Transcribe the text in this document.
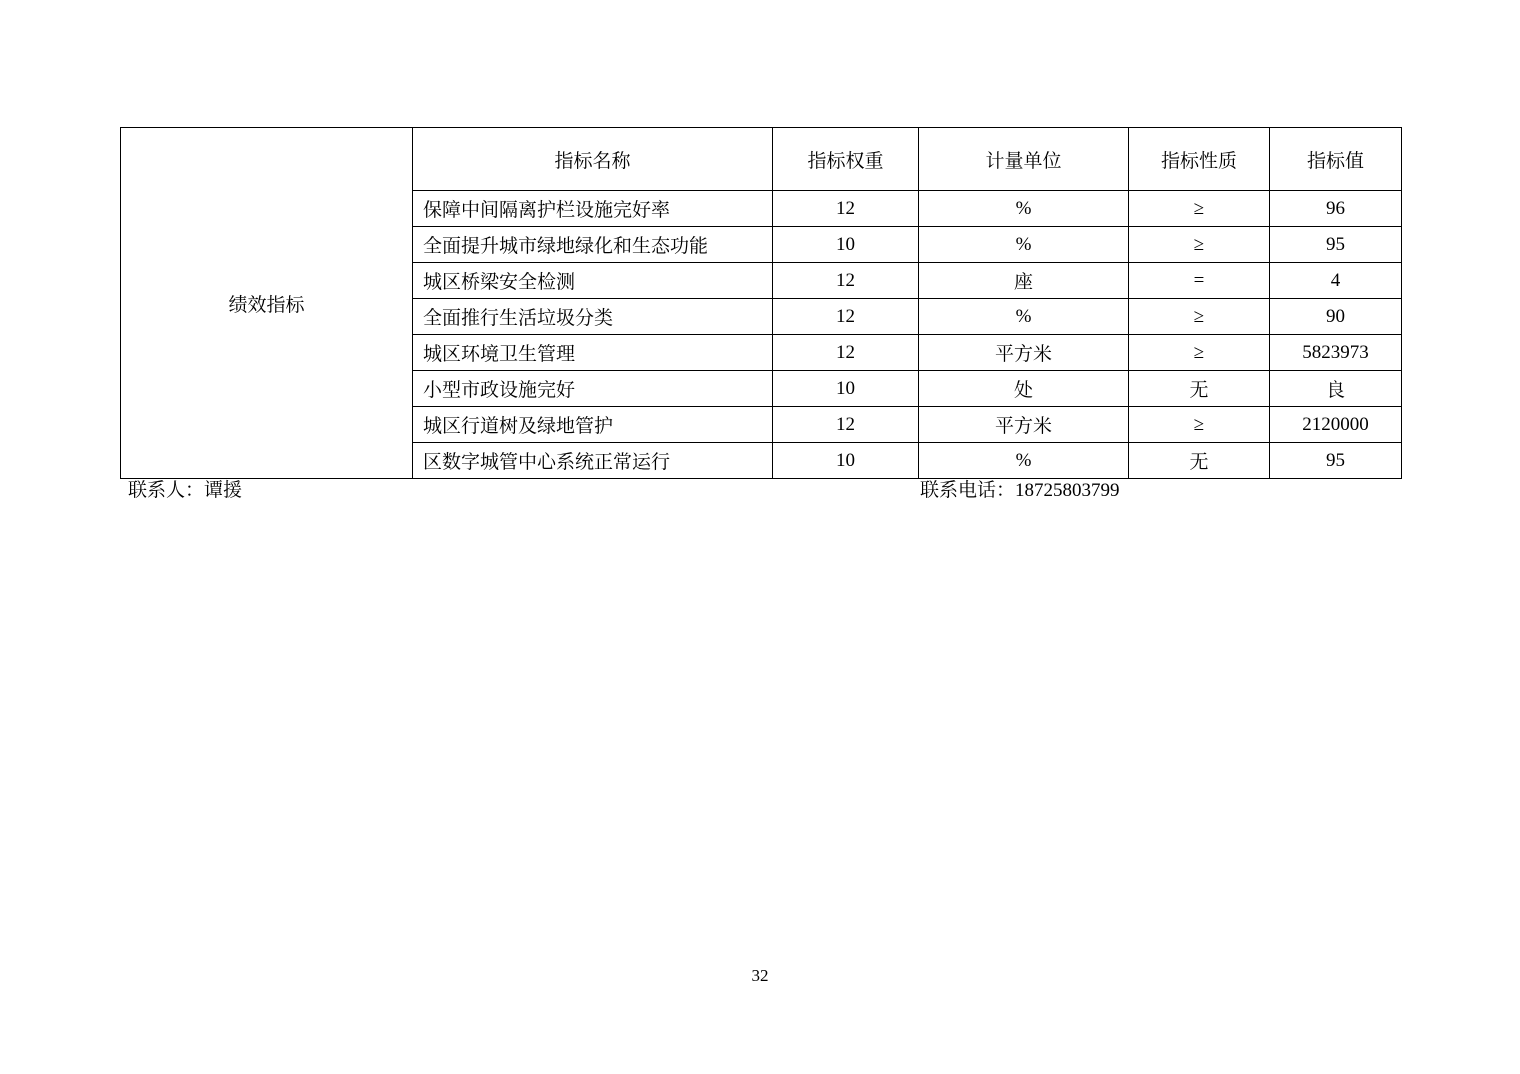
绩效指标	指标名称	指标权重	计量单位	指标性质	指标值
	保障中间隔离护栏设施完好率	12	%	≥	96
	全面提升城市绿地绿化和生态功能	10	%	≥	95
	城区桥梁安全检测	12	座	=	4
	全面推行生活垃圾分类	12	%	≥	90
	城区环境卫生管理	12	平方米	≥	5823973
	小型市政设施完好	10	处	无	良
	城区行道树及绿地管护	12	平方米	≥	2120000
	区数字城管中心系统正常运行	10	%	无	95
联系人：谭援	联系电话：18725803799
32
